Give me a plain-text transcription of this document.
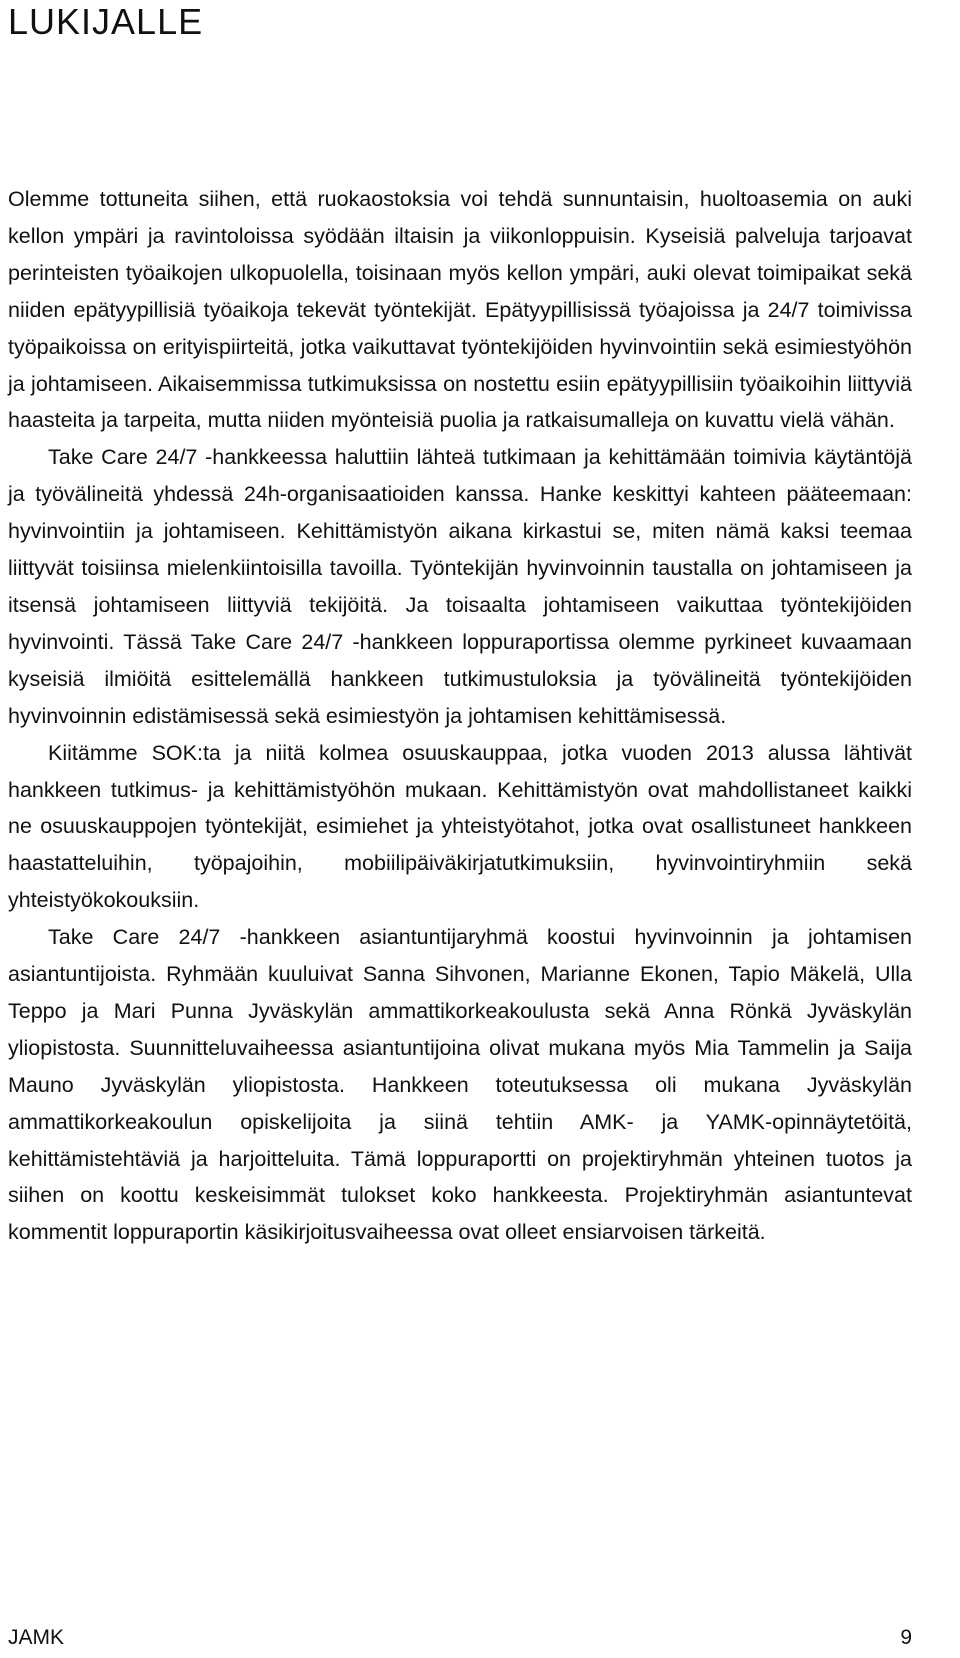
LUKIJALLE

Olemme tottuneita siihen, että ruokaostoksia voi tehdä sunnuntaisin, huoltoasemia on auki kellon ympäri ja ravintoloissa syödään iltaisin ja viikonloppuisin. Kyseisiä palveluja tarjoavat perinteisten työaikojen ulkopuolella, toisinaan myös kellon ympäri, auki olevat toimipaikat sekä niiden epätyypillisiä työaikoja tekevät työntekijät. Epätyypillisissä työajoissa ja 24/7 toimivissa työpaikoissa on erityispiirteitä, jotka vaikuttavat työntekijöiden hyvinvointiin sekä esimiestyöhön ja johtamiseen. Aikaisemmissa tutkimuksissa on nostettu esiin epätyypillisiin työaikoihin liittyviä haasteita ja tarpeita, mutta niiden myönteisiä puolia ja ratkaisumalleja on kuvattu vielä vähän.

Take Care 24/7 -hankkeessa haluttiin lähteä tutkimaan ja kehittämään toimivia käytäntöjä ja työvälineitä yhdessä 24h-organisaatioiden kanssa. Hanke keskittyi kahteen pääteemaan: hyvinvointiin ja johtamiseen. Kehittämistyön aikana kirkastui se, miten nämä kaksi teemaa liittyvät toisiinsa mielenkiintoisilla tavoilla. Työntekijän hyvinvoinnin taustalla on johtamiseen ja itsensä johtamiseen liittyviä tekijöitä. Ja toisaalta johtamiseen vaikuttaa työntekijöiden hyvinvointi. Tässä Take Care 24/7 -hankkeen loppuraportissa olemme pyrkineet kuvaamaan kyseisiä ilmiöitä esittelemällä hankkeen tutkimustuloksia ja työvälineitä työntekijöiden hyvinvoinnin edistämisessä sekä esimiestyön ja johtamisen kehittämisessä.

Kiitämme SOK:ta ja niitä kolmea osuuskauppaa, jotka vuoden 2013 alussa lähtivät hankkeen tutkimus- ja kehittämistyöhön mukaan. Kehittämistyön ovat mahdollistaneet kaikki ne osuuskauppojen työntekijät, esimiehet ja yhteistyötahot, jotka ovat osallistuneet hankkeen haastatteluihin, työpajoihin, mobiilipäiväkirjatutkimuksiin, hyvinvointiryhmiin sekä yhteistyökokouksiin.

Take Care 24/7 -hankkeen asiantuntijaryhmä koostui hyvinvoinnin ja johtamisen asiantuntijoista. Ryhmään kuuluivat Sanna Sihvonen, Marianne Ekonen, Tapio Mäkelä, Ulla Teppo ja Mari Punna Jyväskylän ammattikorkeakoulusta sekä Anna Rönkä Jyväskylän yliopistosta. Suunnitteluvaiheessa asiantuntijoina olivat mukana myös Mia Tammelin ja Saija Mauno Jyväskylän yliopistosta. Hankkeen toteutuksessa oli mukana Jyväskylän ammattikorkeakoulun opiskelijoita ja siinä tehtiin AMK- ja YAMK-opinnäytetöitä, kehittämistehtäviä ja harjoitteluita. Tämä loppuraportti on projektiryhmän yhteinen tuotos ja siihen on koottu keskeisimmät tulokset koko hankkeesta. Projektiryhmän asiantuntevat kommentit loppuraportin käsikirjoitusvaiheessa ovat olleet ensiarvoisen tärkeitä.

JAMK	9
